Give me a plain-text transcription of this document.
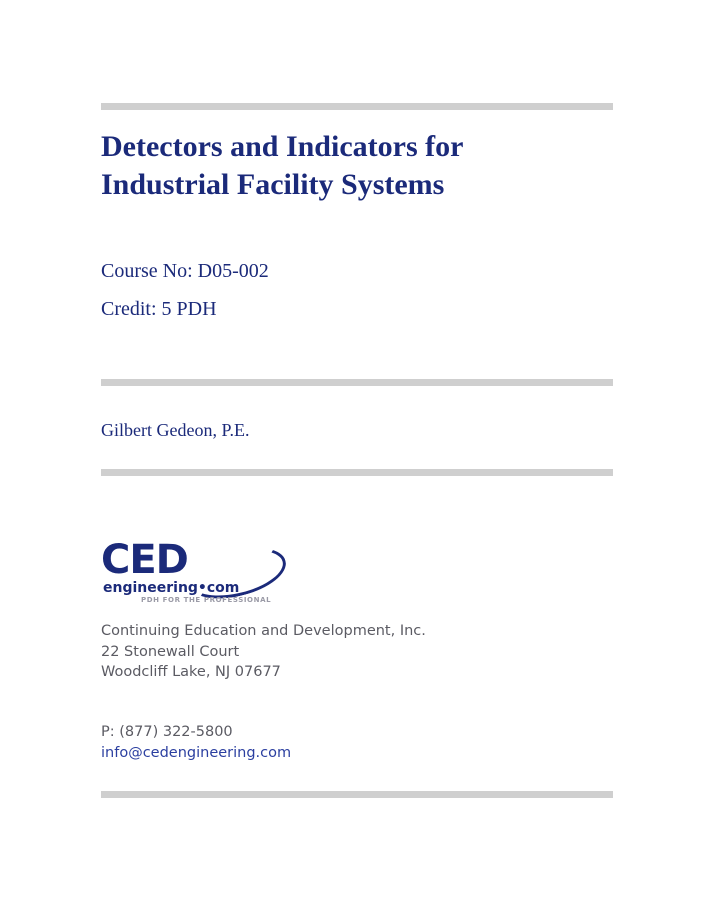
Detectors and Indicators for
Industrial Facility Systems
Course No: D05-002
Credit: 5 PDH
Gilbert Gedeon, P.E.
CED
engineering•com
PDH FOR THE PROFESSIONAL
Continuing Education and Development, Inc.
22 Stonewall Court
Woodcliff Lake, NJ 07677
P: (877) 322-5800
info@cedengineering.com
